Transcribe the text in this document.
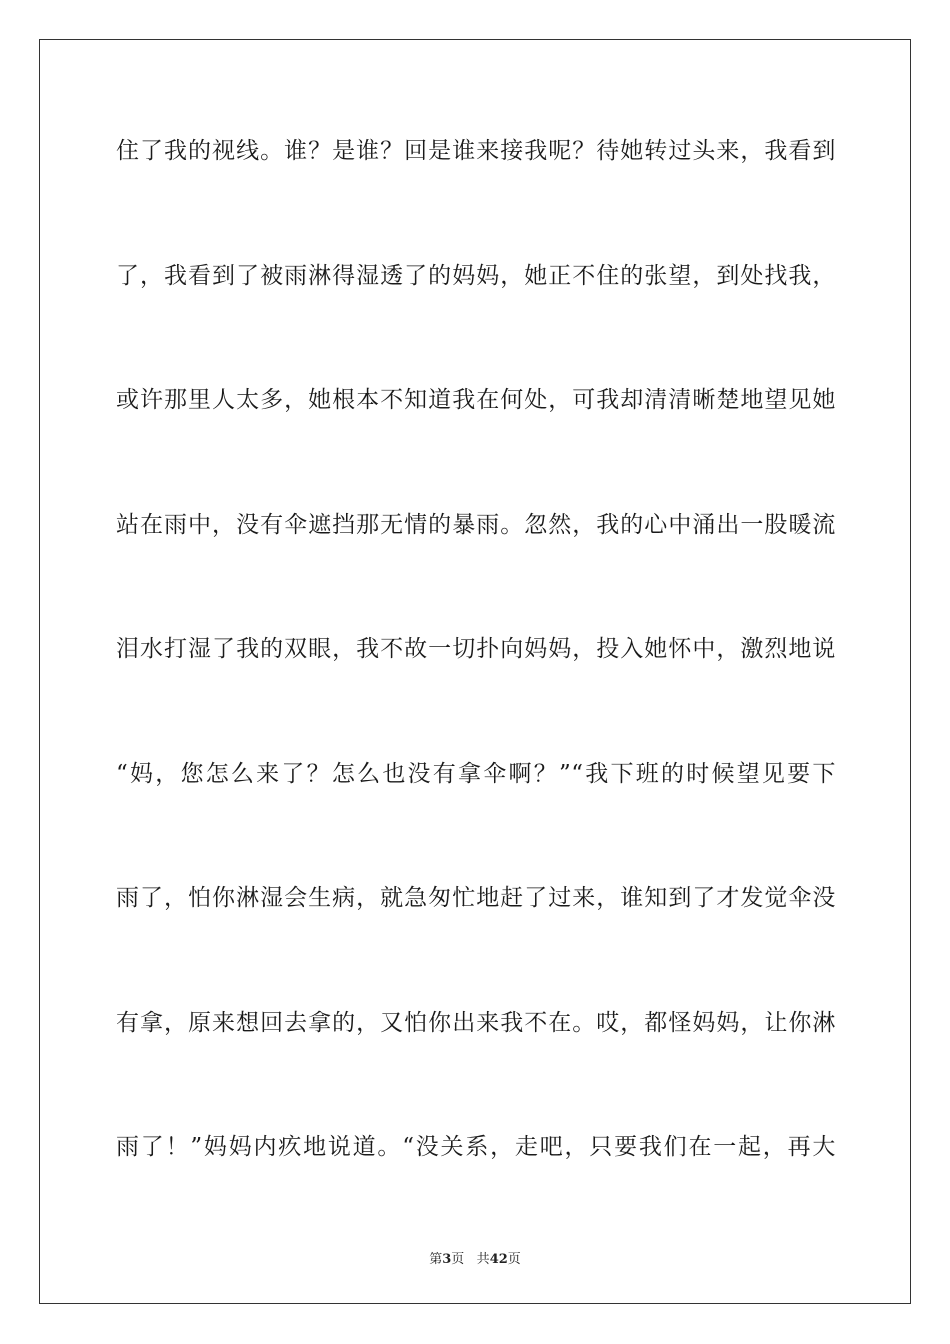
住了我的视线。谁？是谁？回是谁来接我呢？待她转过头来，我看到
了，我看到了被雨淋得湿透了的妈妈，她正不住的张望，到处找我，
或许那里人太多，她根本不知道我在何处，可我却清清晰楚地望见她
站在雨中，没有伞遮挡那无情的暴雨。忽然，我的心中涌出一股暖流
泪水打湿了我的双眼，我不故一切扑向妈妈，投入她怀中，激烈地说
“妈，您怎么来了？怎么也没有拿伞啊？”“我下班的时候望见要下
雨了，怕你淋湿会生病，就急匆忙地赶了过来，谁知到了才发觉伞没
有拿，原来想回去拿的，又怕你出来我不在。哎，都怪妈妈，让你淋
雨了！”妈妈内疚地说道。“没关系，走吧，只要我们在一起，再大
第3页 共42页
